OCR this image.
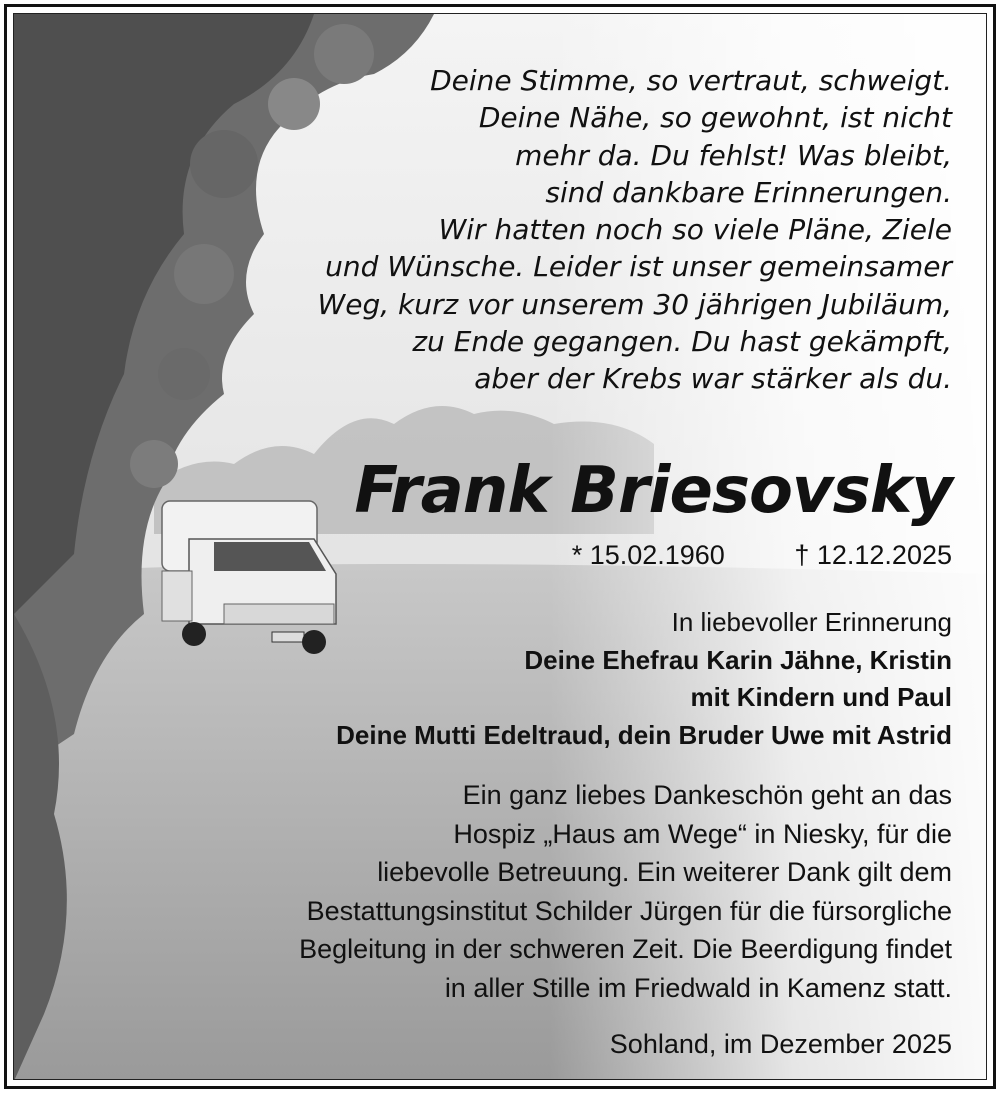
Deine Stimme, so vertraut, schweigt.
Deine Nähe, so gewohnt, ist nicht
mehr da. Du fehlst! Was bleibt,
sind dankbare Erinnerungen.
Wir hatten noch so viele Pläne, Ziele
und Wünsche. Leider ist unser gemeinsamer
Weg, kurz vor unserem 30 jährigen Jubiläum,
zu Ende gegangen. Du hast gekämpft,
aber der Krebs war stärker als du.
Frank Briesovsky
* 15.02.1960	† 12.12.2025
In liebevoller Erinnerung
Deine Ehefrau Karin Jähne, Kristin
mit Kindern und Paul
Deine Mutti Edeltraud, dein Bruder Uwe mit Astrid
Ein ganz liebes Dankeschön geht an das
Hospiz „Haus am Wege“ in Niesky, für die
liebevolle Betreuung. Ein weiterer Dank gilt dem
Bestattungsinstitut Schilder Jürgen für die fürsorgliche
Begleitung in der schweren Zeit. Die Beerdigung findet
in aller Stille im Friedwald in Kamenz statt.
Sohland, im Dezember 2025
